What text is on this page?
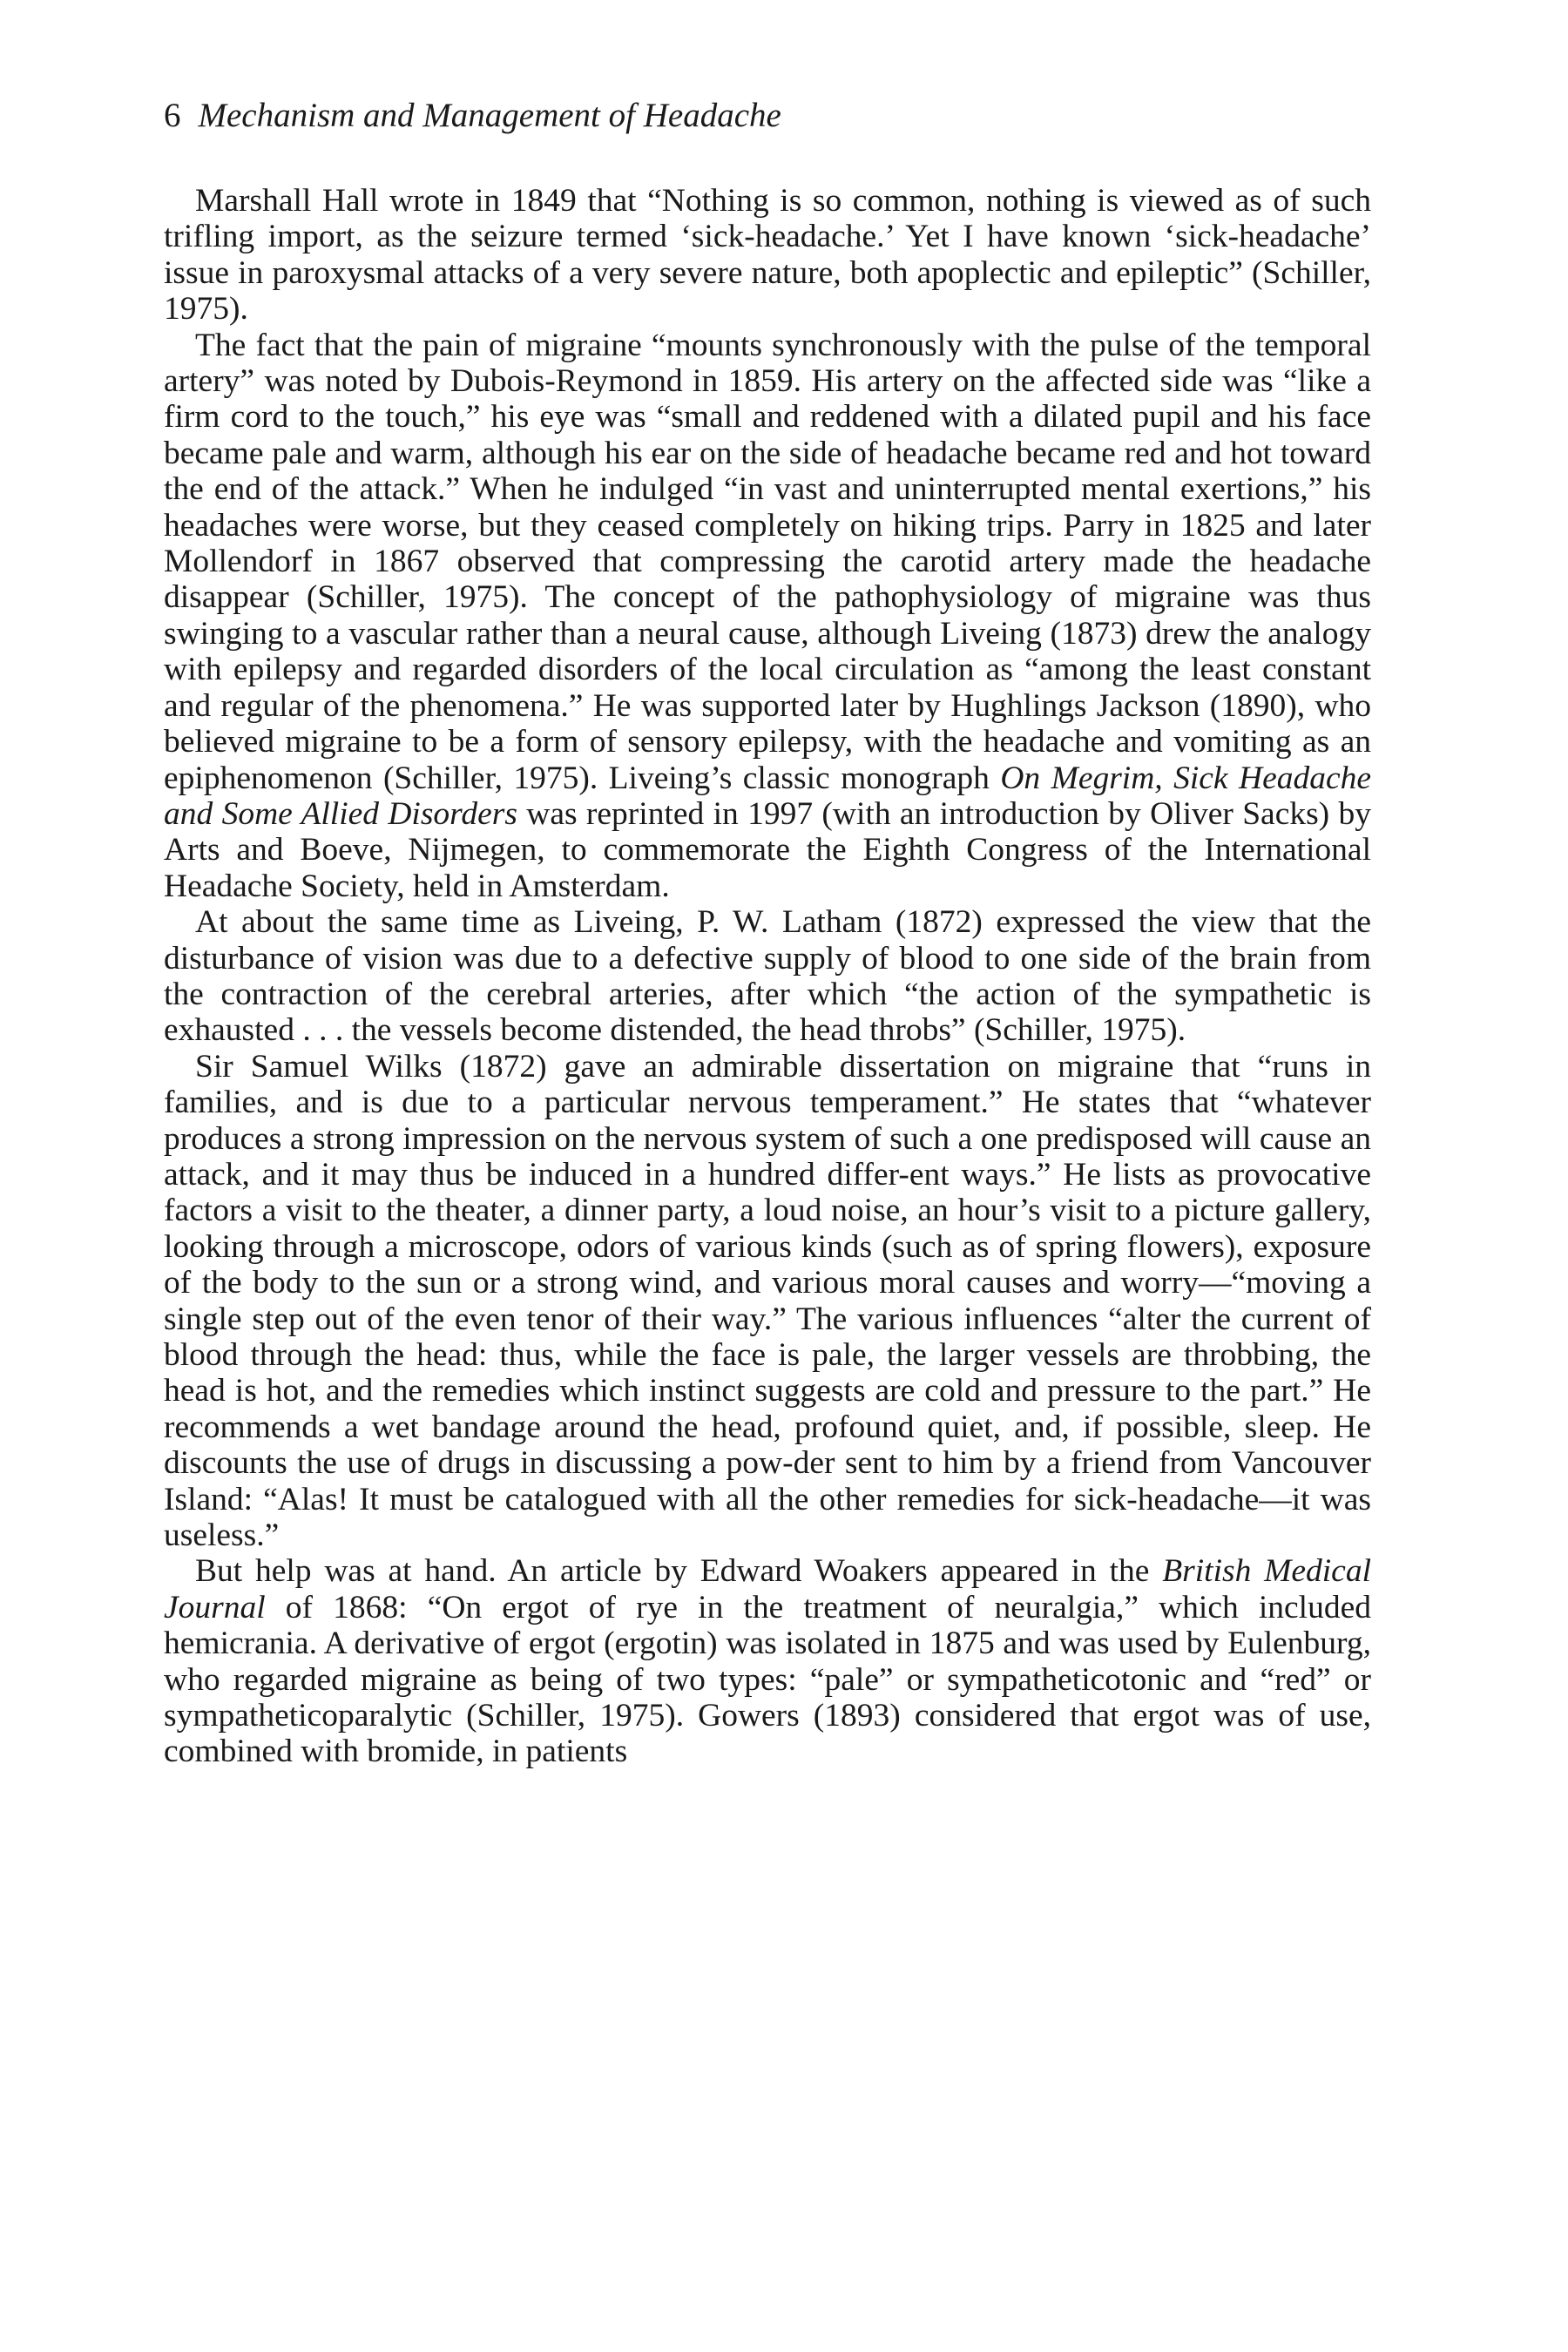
6 Mechanism and Management of Headache

Marshall Hall wrote in 1849 that “Nothing is so common, nothing is viewed as of such trifling import, as the seizure termed ‘sick-headache.’ Yet I have known ‘sick-headache’ issue in paroxysmal attacks of a very severe nature, both apoplectic and epileptic” (Schiller, 1975).

The fact that the pain of migraine “mounts synchronously with the pulse of the temporal artery” was noted by Dubois-Reymond in 1859. His artery on the affected side was “like a firm cord to the touch,” his eye was “small and reddened with a dilated pupil and his face became pale and warm, although his ear on the side of headache became red and hot toward the end of the attack.” When he indulged “in vast and uninterrupted mental exertions,” his headaches were worse, but they ceased completely on hiking trips. Parry in 1825 and later Mollendorf in 1867 observed that compressing the carotid artery made the headache disappear (Schiller, 1975). The concept of the pathophysiology of migraine was thus swinging to a vascular rather than a neural cause, although Liveing (1873) drew the analogy with epilepsy and regarded disorders of the local circulation as “among the least constant and regular of the phenomena.” He was supported later by Hughlings Jackson (1890), who believed migraine to be a form of sensory epilepsy, with the headache and vomiting as an epiphenomenon (Schiller, 1975). Liveing’s classic monograph On Megrim, Sick Headache and Some Allied Disorders was reprinted in 1997 (with an introduction by Oliver Sacks) by Arts and Boeve, Nijmegen, to commemorate the Eighth Congress of the International Headache Society, held in Amsterdam.

At about the same time as Liveing, P. W. Latham (1872) expressed the view that the disturbance of vision was due to a defective supply of blood to one side of the brain from the contraction of the cerebral arteries, after which “the action of the sympathetic is exhausted . . . the vessels become distended, the head throbs” (Schiller, 1975).

Sir Samuel Wilks (1872) gave an admirable dissertation on migraine that “runs in families, and is due to a particular nervous temperament.” He states that “whatever produces a strong impression on the nervous system of such a one predisposed will cause an attack, and it may thus be induced in a hundred differ-ent ways.” He lists as provocative factors a visit to the theater, a dinner party, a loud noise, an hour’s visit to a picture gallery, looking through a microscope, odors of various kinds (such as of spring flowers), exposure of the body to the sun or a strong wind, and various moral causes and worry—“moving a single step out of the even tenor of their way.” The various influences “alter the current of blood through the head: thus, while the face is pale, the larger vessels are throbbing, the head is hot, and the remedies which instinct suggests are cold and pressure to the part.” He recommends a wet bandage around the head, profound quiet, and, if possible, sleep. He discounts the use of drugs in discussing a pow-der sent to him by a friend from Vancouver Island: “Alas! It must be catalogued with all the other remedies for sick-headache—it was useless.”

But help was at hand. An article by Edward Woakers appeared in the British Medical Journal of 1868: “On ergot of rye in the treatment of neuralgia,” which included hemicrania. A derivative of ergot (ergotin) was isolated in 1875 and was used by Eulenburg, who regarded migraine as being of two types: “pale” or sympatheticotonic and “red” or sympatheticoparalytic (Schiller, 1975). Gowers (1893) considered that ergot was of use, combined with bromide, in patients
